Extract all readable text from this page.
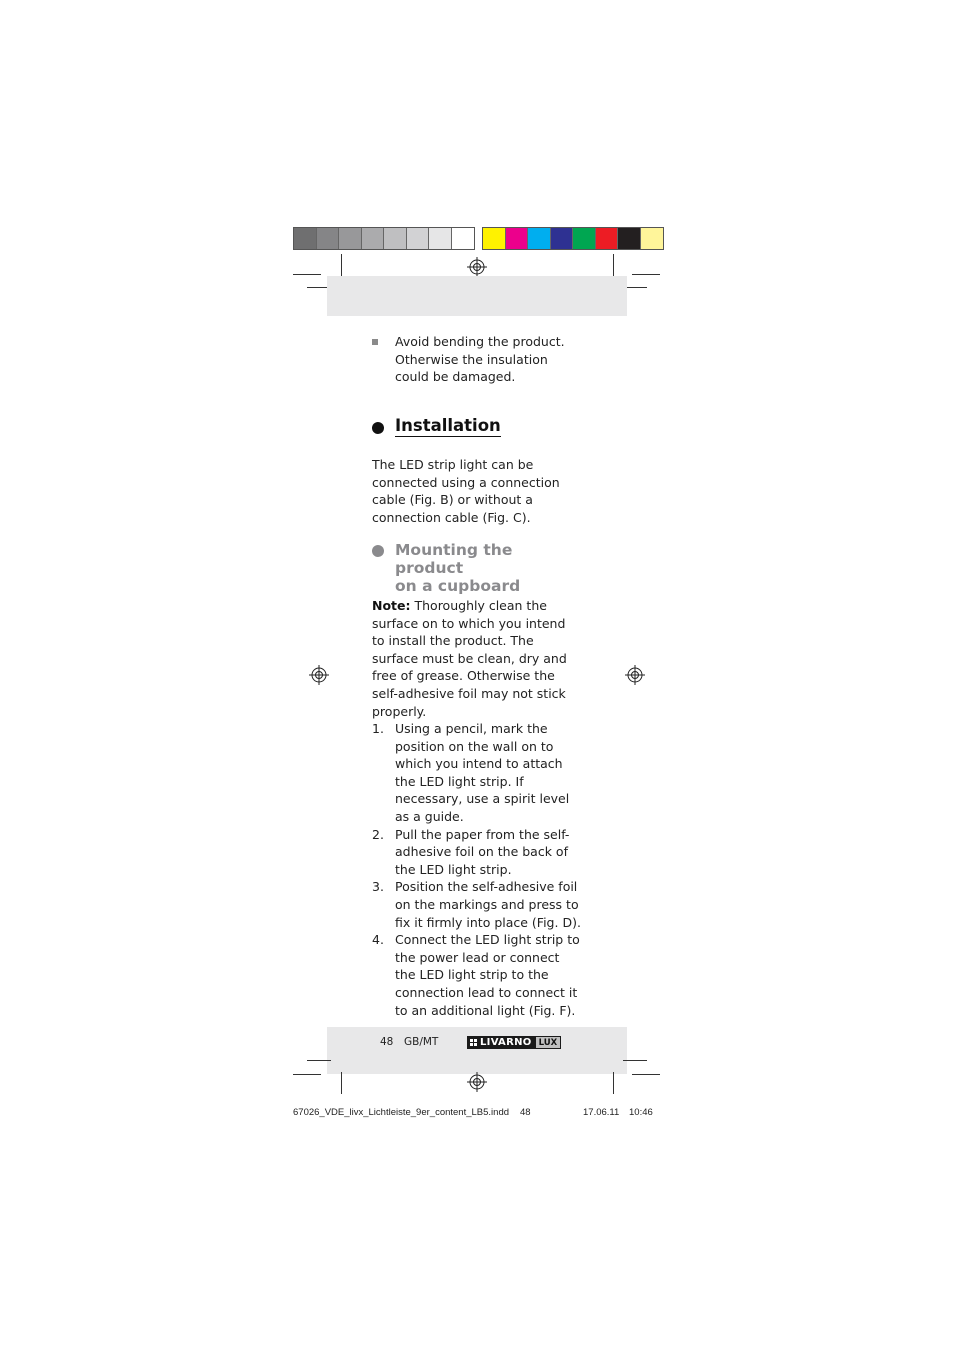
Avoid bending the product. Otherwise the insulation could be damaged.
Installation
The LED strip light can be connected using a connection cable (Fig. B) or without a connection cable (Fig. C).
Mounting the product
on a cupboard
Note: Thoroughly clean the surface on to which you intend to install the product. The surface must be clean, dry and free of grease. Otherwise the self-adhesive foil may not stick properly.
1. Using a pencil, mark the position on the wall on to which you intend to attach the LED light strip. If necessary, use a spirit level as a guide.
2. Pull the paper from the self-adhesive foil on the back of the LED light strip.
3. Position the self-adhesive foil on the markings and press to fix it firmly into place (Fig. D).
4. Connect the LED light strip to the power lead or connect the LED light strip to the connection lead to connect it to an additional light (Fig. F).
48 GB/MT	LIVARNO LUX
67026_VDE_livx_Lichtleiste_9er_content_LB5.indd 48	17.06.11 10:46
